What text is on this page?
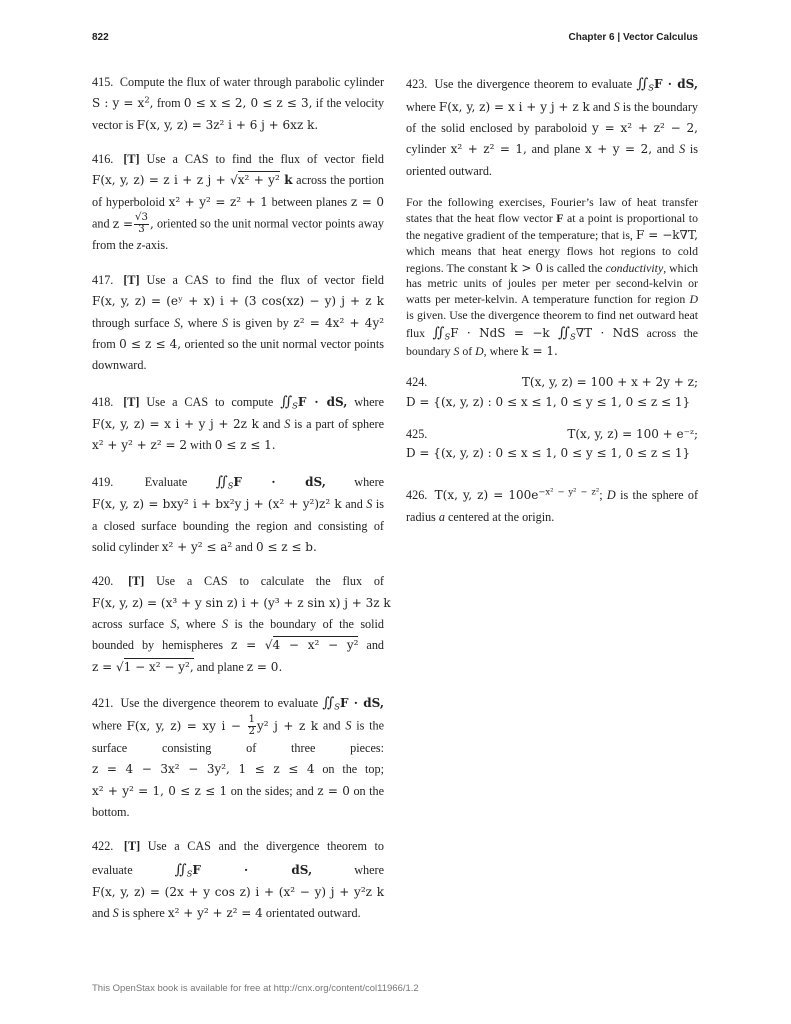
822	Chapter 6 | Vector Calculus

415. Compute the flux of water through parabolic cylinder S : $y = x^2$, from 0 ≤ x ≤ 2, 0 ≤ z ≤ 3, if the velocity vector is F(x, y, z) = 3z² i + 6 j + 6xz k.

416. [T] Use a CAS to find the flux of vector field F(x, y, z) = z i + z j + √x² + y² k across the portion of hyperboloid x² + y² = z² + 1 between planes z = 0 and $z = \frac{√3}{3}$ , oriented so the unit normal vector points away from the z-axis.

417. [T] Use a CAS to find the flux of vector field F(x, y, z) = (eʸ + x) i + (3 cos(xz) − y) j + z k through surface S, where S is given by z² = 4x² + 4y² from 0 ≤ z ≤ 4, oriented so the unit normal vector points downward.

418. [T] Use a CAS to compute $∬_SF$ · dS, where F(x, y, z) = x i + y j + 2z k and S is a part of sphere x² + y² + z² = 2 with 0 ≤ z ≤ 1.

419.	Evaluate $∬_SF$ · dS, where F(x, y, z) = bxy² i + bx²y j + (x² + y²)z² k and S is a closed surface bounding the region and consisting of solid cylinder x² + y² ≤ a² and 0 ≤ z ≤ b.

420. [T] Use a CAS to calculate the flux of F(x, y, z) = (x³ + y sin z) i + (y³ + z sin x) j + 3z k across surface S, where S is the boundary of the solid bounded by hemispheres z = √4 − x² − y² and z = √1 − x² − y², and plane z = 0.

421. Use the divergence theorem to evaluate $∬_SF$ · dS, where F(x, y, z) = xy $i - \frac{1}{2} y^2$ j + z k and S is the surface consisting of three pieces: z = 4 − 3x² − 3y², 1 ≤ z ≤ 4 on the top; x² + y² = 1, 0 ≤ z ≤ 1 on the sides; and z = 0 on the bottom.

422. [T] Use a CAS and the divergence theorem to evaluate	$∬_SF$ · dS,	where F(x, y, z) = (2x + y cos z) i + (x² − y) j + y²z k and S is sphere x² + y² + z² = 4 orientated outward.

423. Use the divergence theorem to evaluate $∬_SF$ · dS, where F(x, y, z) = x i + y j + z k and S is the boundary of the solid enclosed by paraboloid y = x² + z² − 2, cylinder x² + z² = 1, and plane x + y = 2, and S is oriented outward.

For the following exercises, Fourier’s law of heat transfer states that the heat flow vector F at a point is proportional to the negative gradient of the temperature; that is, F = −k∇T, which means that heat energy flows hot regions to cold regions. The constant k > 0 is called the conductivity, which has metric units of joules per meter per second-kelvin or watts per meter-kelvin. A temperature function for region D is given. Use the divergence theorem to find net outward heat flux $∬_SF$ · NdS = −k $∬_S\nabla T$ · NdS across the boundary S of D, where k = 1.

424.	T(x, y, z) = 100 + x + 2y + z;
D = {(x, y, z) : 0 ≤ x ≤ 1, 0 ≤ y ≤ 1, 0 ≤ z ≤ 1}
425.	T(x, y, z) = 100 + e⁻ᶻ;
D = {(x, y, z) : 0 ≤ x ≤ 1, 0 ≤ y ≤ 1, 0 ≤ z ≤ 1}

426. T(x, y, $z) = 100e^{-x^2 - y^2 - z^2}$; D is the sphere of radius a centered at the origin.

This OpenStax book is available for free at http://cnx.org/content/col11966/1.2
